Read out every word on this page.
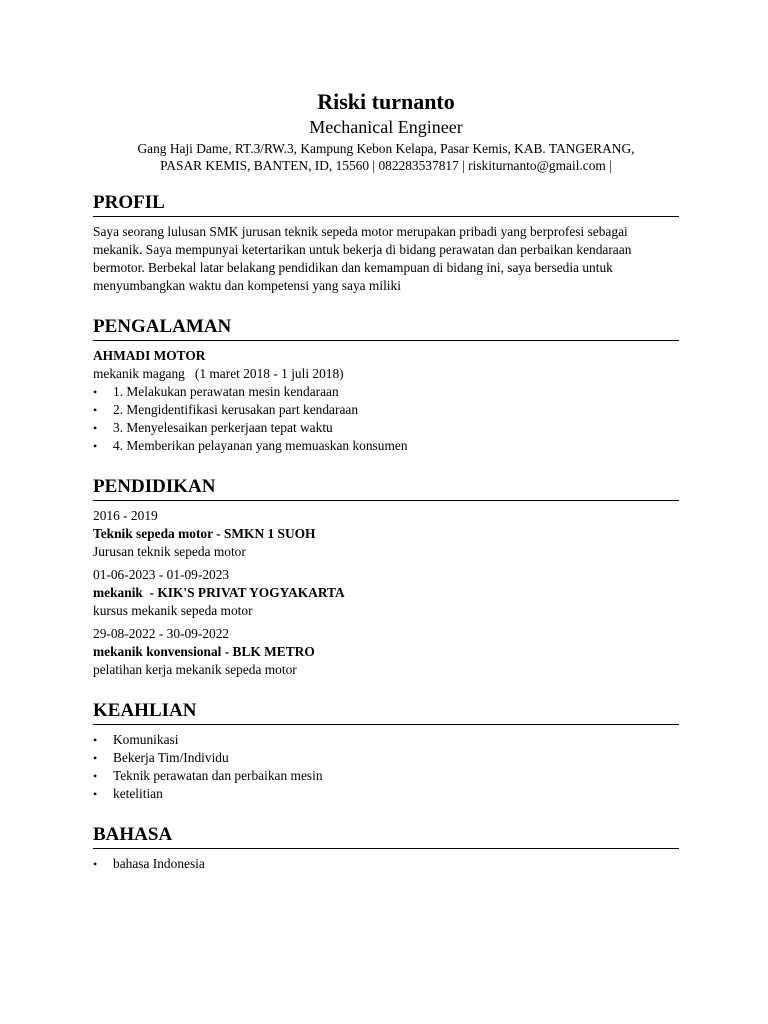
Riski turnanto

Mechanical Engineer

Gang Haji Dame, RT.3/RW.3, Kampung Kebon Kelapa, Pasar Kemis, KAB. TANGERANG,

PASAR KEMIS, BANTEN, ID, 15560 | 082283537817 | riskiturnanto@gmail.com |

PROFIL

Saya seorang lulusan SMK jurusan teknik sepeda motor merupakan pribadi yang berprofesi sebagai mekanik. Saya mempunyai ketertarikan untuk bekerja di bidang perawatan dan perbaikan kendaraan bermotor. Berbekal latar belakang pendidikan dan kemampuan di bidang ini, saya bersedia untuk menyumbangkan waktu dan kompetensi yang saya miliki

PENGALAMAN

AHMADI MOTOR

mekanik magang   (1 maret 2018 - 1 juli 2018)

• 1. Melakukan perawatan mesin kendaraan
• 2. Mengidentifikasi kerusakan part kendaraan
• 3. Menyelesaikan perkerjaan tepat waktu
• 4. Memberikan pelayanan yang memuaskan konsumen
PENDIDIKAN

2016 - 2019

Teknik sepeda motor - SMKN 1 SUOH

Jurusan teknik sepeda motor

01-06-2023 - 01-09-2023

mekanik  - KIK'S PRIVAT YOGYAKARTA

kursus mekanik sepeda motor

29-08-2022 - 30-09-2022

mekanik konvensional - BLK METRO

pelatihan kerja mekanik sepeda motor

KEAHLIAN
• Komunikasi
• Bekerja Tim/Individu
• Teknik perawatan dan perbaikan mesin
• ketelitian
BAHASA
• bahasa Indonesia
